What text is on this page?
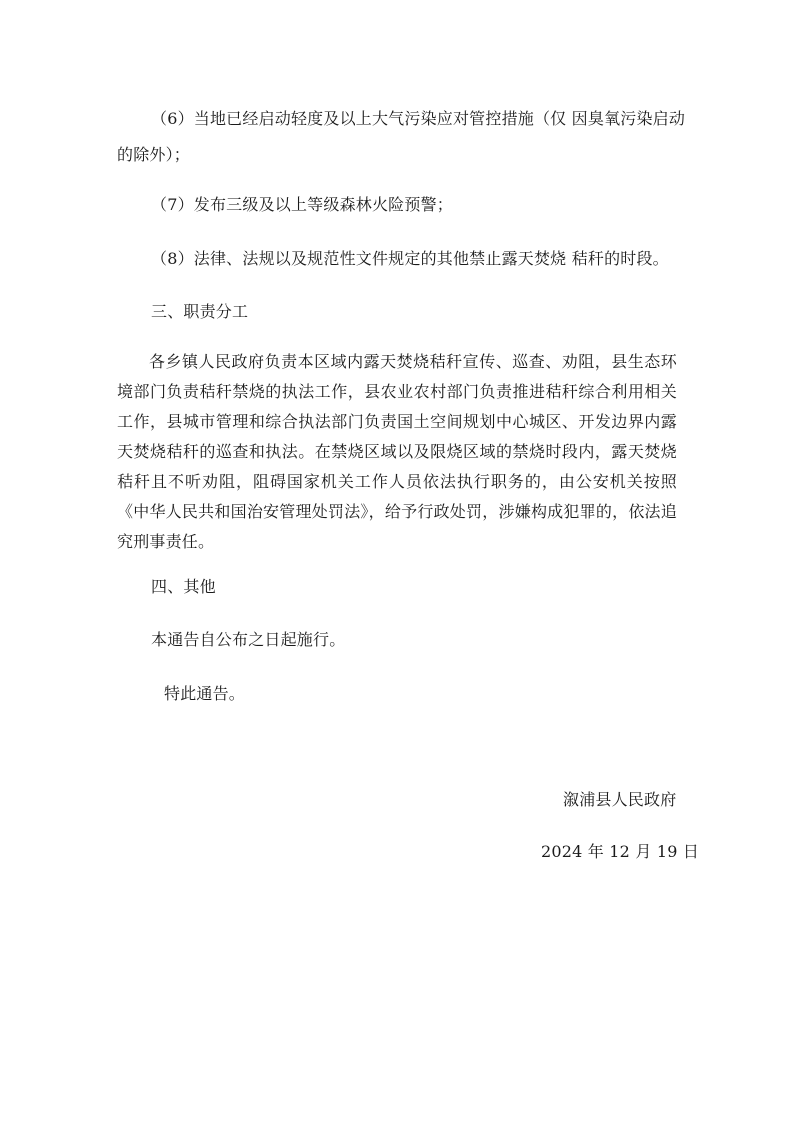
（6）当地已经启动轻度及以上大气污染应对管控措施（仅 因臭氧污染启动
的除外）；
（7）发布三级及以上等级森林火险预警；
（8）法律、法规以及规范性文件规定的其他禁止露天焚烧 秸秆的时段。
三、职责分工
各乡镇人民政府负责本区域内露天焚烧秸秆宣传、巡查、劝阻，县生态环境部门负责秸秆禁烧的执法工作，县农业农村部门负责推进秸秆综合利用相关工作，县城市管理和综合执法部门负责国土空间规划中心城区、开发边界内露天焚烧秸秆的巡查和执法。在禁烧区域以及限烧区域的禁烧时段内，露天焚烧秸秆且不听劝阻，阻碍国家机关工作人员依法执行职务的，由公安机关按照《中华人民共和国治安管理处罚法》，给予行政处罚，涉嫌构成犯罪的，依法追究刑事责任。
四、其他
本通告自公布之日起施行。
特此通告。
溆浦县人民政府
2024 年 12 月 19 日
